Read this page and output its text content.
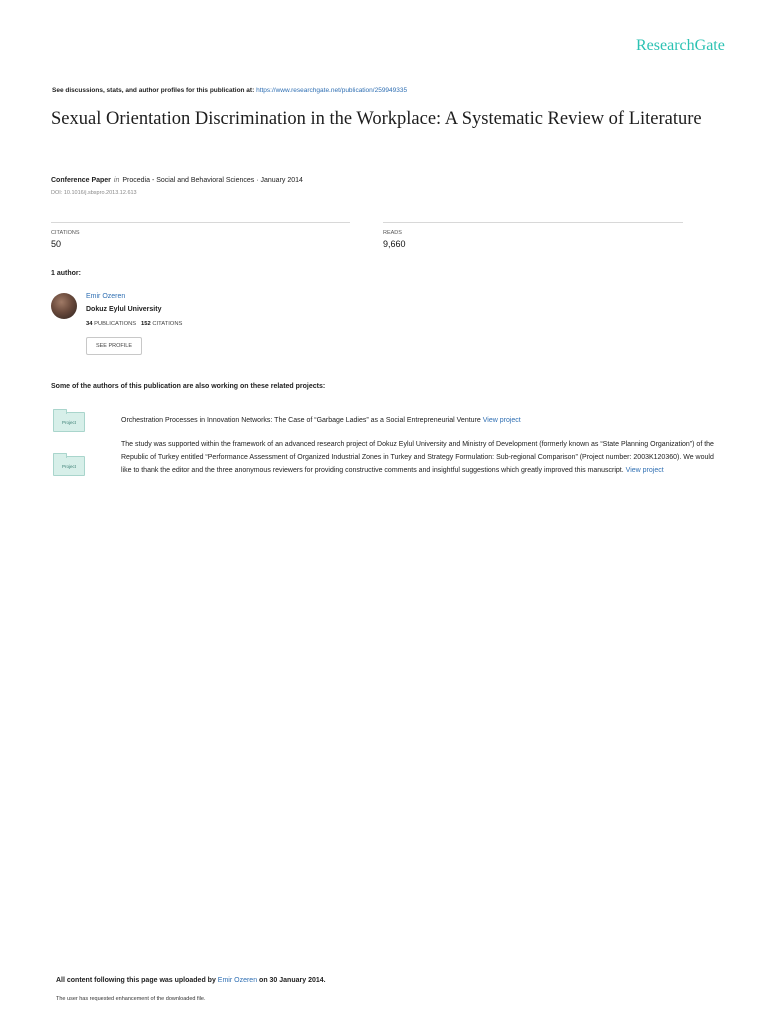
ResearchGate
See discussions, stats, and author profiles for this publication at: https://www.researchgate.net/publication/259949335
Sexual Orientation Discrimination in the Workplace: A Systematic Review of Literature
Conference Paper in Procedia - Social and Behavioral Sciences · January 2014
DOI: 10.1016/j.sbspro.2013.12.613
CITATIONS
50
READS
9,660
1 author:
Emir Ozeren
Dokuz Eylul University
34 PUBLICATIONS 152 CITATIONS
SEE PROFILE
Some of the authors of this publication are also working on these related projects:
Project	Orchestration Processes in Innovation Networks: The Case of “Garbage Ladies” as a Social Entrepreneurial Venture View project
Project
The study was supported within the framework of an advanced research project of Dokuz Eylul University and Ministry of Development (formerly known as “State Planning Organization”) of the Republic of Turkey entitled “Performance Assessment of Organized Industrial Zones in Turkey and Strategy Formulation: Sub-regional Comparison” (Project number: 2003K120360). We would like to thank the editor and the three anonymous reviewers for providing constructive comments and insightful suggestions which greatly improved this manuscript. View project
All content following this page was uploaded by Emir Ozeren on 30 January 2014.
The user has requested enhancement of the downloaded file.
